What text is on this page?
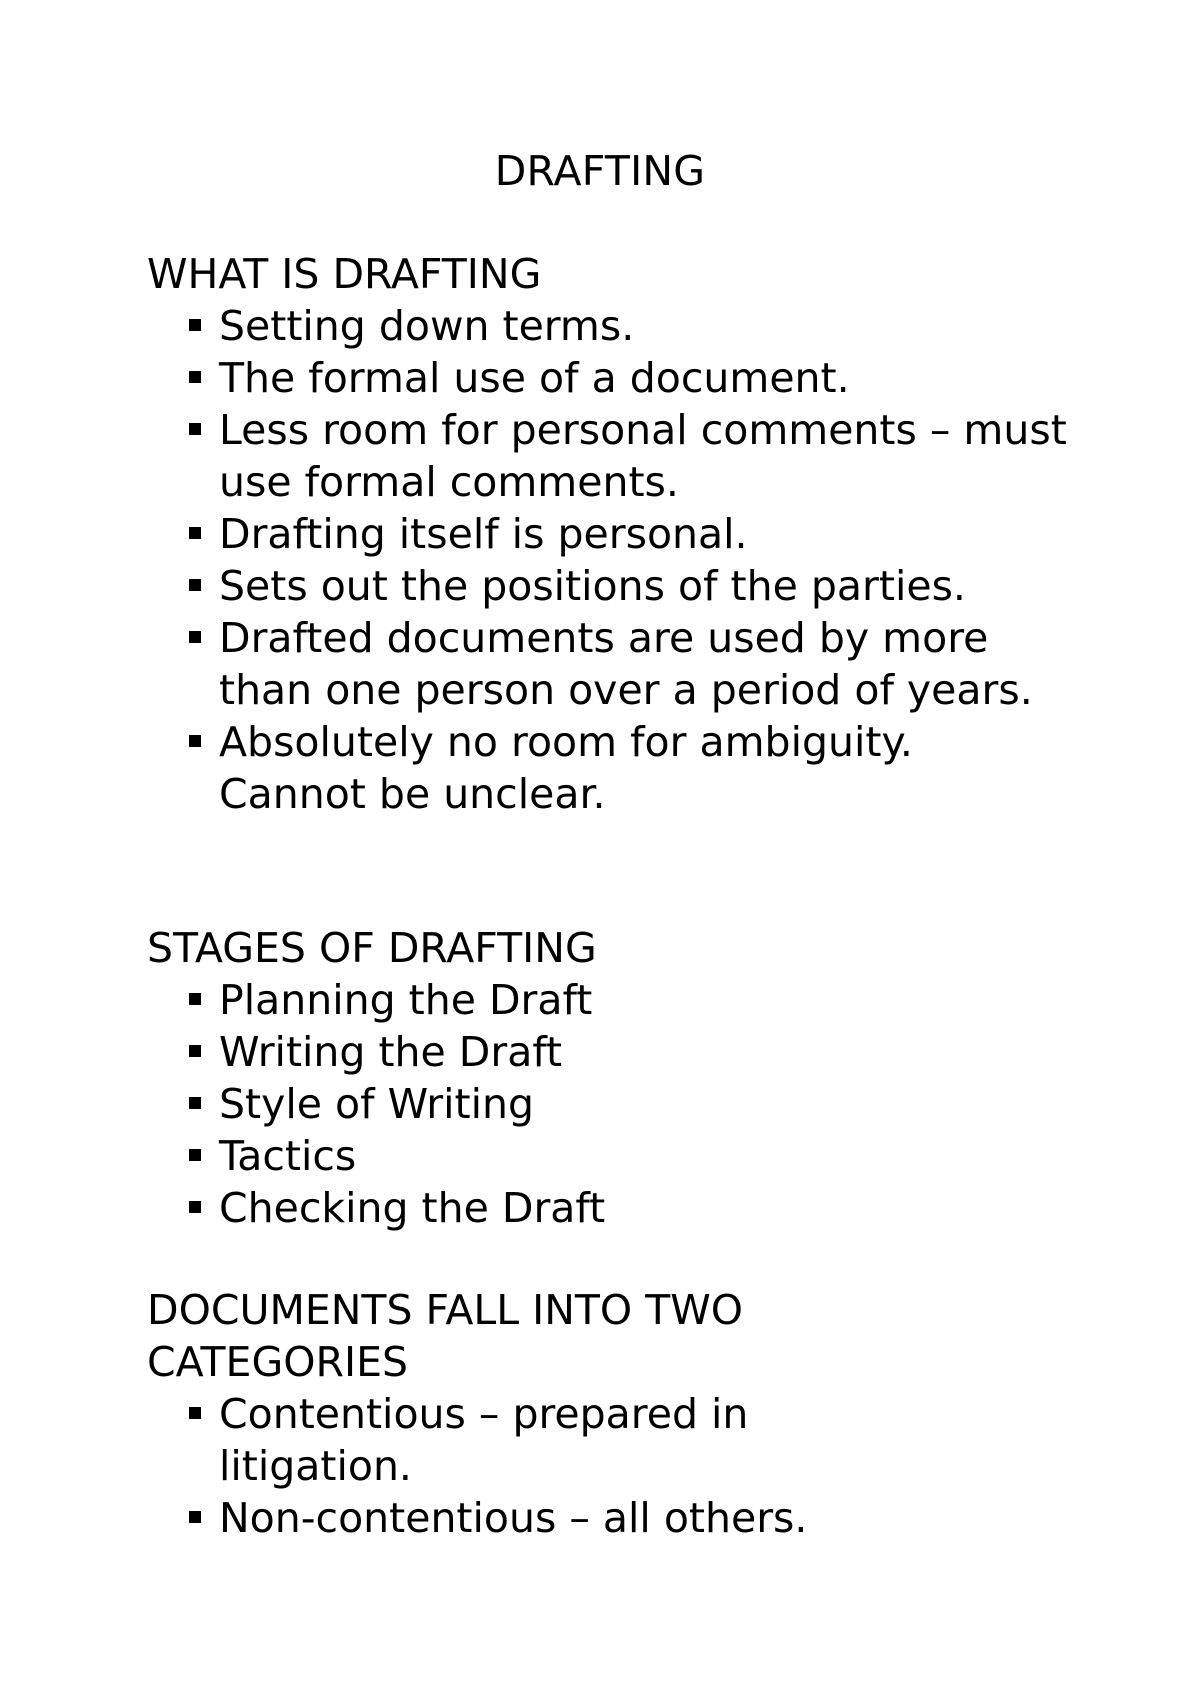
DRAFTING
WHAT IS DRAFTING
Setting down terms.
The formal use of a document.
Less room for personal comments – must use formal comments.
Drafting itself is personal.
Sets out the positions of the parties.
Drafted documents are used by more than one person over a period of years.
Absolutely no room for ambiguity. Cannot be unclear.
STAGES OF DRAFTING
Planning the Draft
Writing the Draft
Style of Writing
Tactics
Checking the Draft
DOCUMENTS FALL INTO TWO CATEGORIES
Contentious – prepared in litigation.
Non-contentious – all others.
